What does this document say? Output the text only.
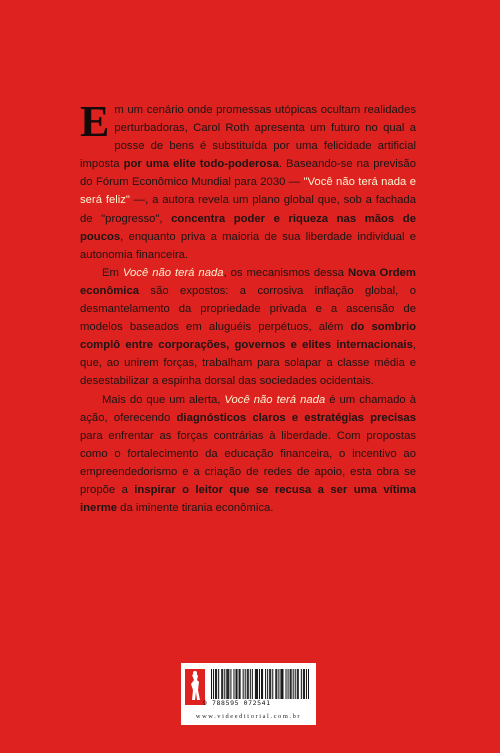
Em um cenário onde promessas utópicas ocultam realidades perturbadoras, Carol Roth apresenta um futuro no qual a posse de bens é substituída por uma felicidade artificial imposta por uma elite todo-poderosa. Baseando-se na previsão do Fórum Econômico Mundial para 2030 — "Você não terá nada e será feliz" —, a autora revela um plano global que, sob a fachada de "progresso", concentra poder e riqueza nas mãos de poucos, enquanto priva a maioria de sua liberdade individual e autonomia financeira.

Em Você não terá nada, os mecanismos dessa Nova Ordem econômica são expostos: a corrosiva inflação global, o desmantelamento da propriedade privada e a ascensão de modelos baseados em aluguéis perpétuos, além do sombrio complô entre corporações, governos e elites internacionais, que, ao unirem forças, trabalham para solapar a classe média e desestabilizar a espinha dorsal das sociedades ocidentais.

Mais do que um alerta, Você não terá nada é um chamado à ação, oferecendo diagnósticos claros e estratégias precisas para enfrentar as forças contrárias à liberdade. Com propostas como o fortalecimento da educação financeira, o incentivo ao empreendedorismo e a criação de redes de apoio, esta obra se propõe a inspirar o leitor que se recusa a ser uma vítima inerme da iminente tirania econômica.

9 788595 072541
www.videeditorial.com.br
